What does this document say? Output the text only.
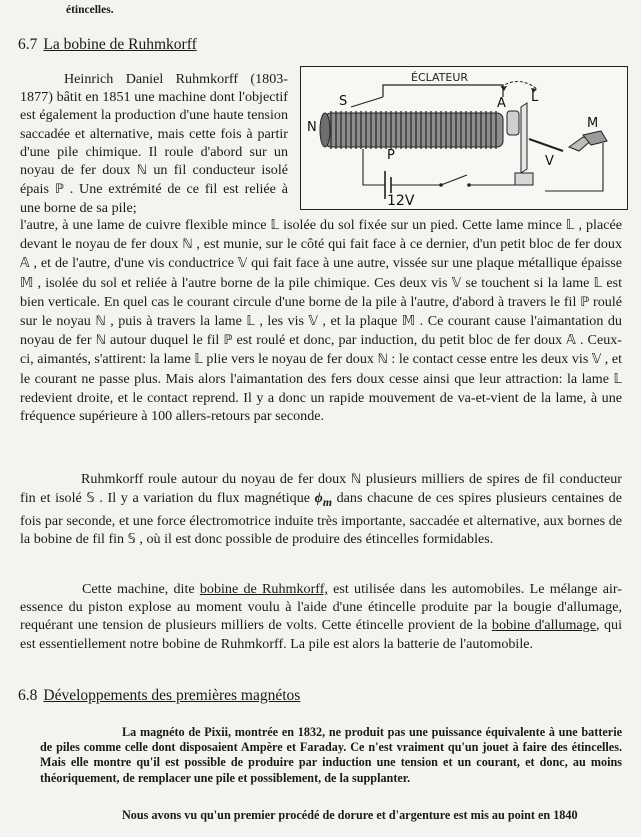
étincelles.
6.7 La bobine de Ruhmkorff
Heinrich Daniel Ruhmkorff (1803-1877) bâtit en 1851 une machine dont l'objectif est également la production d'une haute tension saccadée et alternative, mais cette fois à partir d'une pile chimique. Il roule d'abord sur un noyau de fer doux ℕ un fil conducteur isolé épais ℙ . Une extrémité de ce fil est reliée à une borne de sa pile;
ÉCLATEUR
N
S
P
A L
V
M
12V
l'autre, à une lame de cuivre flexible mince 𝕃 isolée du sol fixée sur un pied. Cette lame mince 𝕃 , placée devant le noyau de fer doux ℕ , est munie, sur le côté qui fait face à ce dernier, d'un petit bloc de fer doux 𝔸 , et de l'autre, d'une vis conductrice 𝕍 qui fait face à une autre, vissée sur une plaque métallique épaisse 𝕄 , isolée du sol et reliée à l'autre borne de la pile chimique. Ces deux vis 𝕍 se touchent si la lame 𝕃 est bien verticale. En quel cas le courant circule d'une borne de la pile à l'autre, d'abord à travers le fil ℙ roulé sur le noyau ℕ , puis à travers la lame 𝕃 , les vis 𝕍 , et la plaque 𝕄 . Ce courant cause l'aimantation du noyau de fer ℕ autour duquel le fil ℙ est roulé et donc, par induction, du petit bloc de fer doux 𝔸 . Ceux-ci, aimantés, s'attirent: la lame 𝕃 plie vers le noyau de fer doux ℕ : le contact cesse entre les deux vis 𝕍 , et le courant ne passe plus. Mais alors l'aimantation des fers doux cesse ainsi que leur attraction: la lame 𝕃 redevient droite, et le contact reprend. Il y a donc un rapide mouvement de va-et-vient de la lame, à une fréquence supérieure à 100 allers-retours par seconde.
Ruhmkorff roule autour du noyau de fer doux ℕ plusieurs milliers de spires de fil conducteur fin et isolé 𝕊 . Il y a variation du flux magnétique $\phi_m$ dans chacune de ces spires plusieurs centaines de fois par seconde, et une force électromotrice induite très importante, saccadée et alternative, aux bornes de la bobine de fil fin 𝕊 , où il est donc possible de produire des étincelles formidables.
Cette machine, dite bobine de Ruhmkorff, est utilisée dans les automobiles. Le mélange air-essence du piston explose au moment voulu à l'aide d'une étincelle produite par la bougie d'allumage, requérant une tension de plusieurs milliers de volts. Cette étincelle provient de la bobine d'allumage, qui est essentiellement notre bobine de Ruhmkorff. La pile est alors la batterie de l'automobile.
6.8 Développements des premières magnétos
La magnéto de Pixii, montrée en 1832, ne produit pas une puissance équivalente à une batterie de piles comme celle dont disposaient Ampère et Faraday. Ce n'est vraiment qu'un jouet à faire des étincelles. Mais elle montre qu'il est possible de produire par induction une tension et un courant, et donc, au moins théoriquement, de remplacer une pile et possiblement, de la supplanter.
Nous avons vu qu'un premier procédé de dorure et d'argenture est mis au point en 1840
